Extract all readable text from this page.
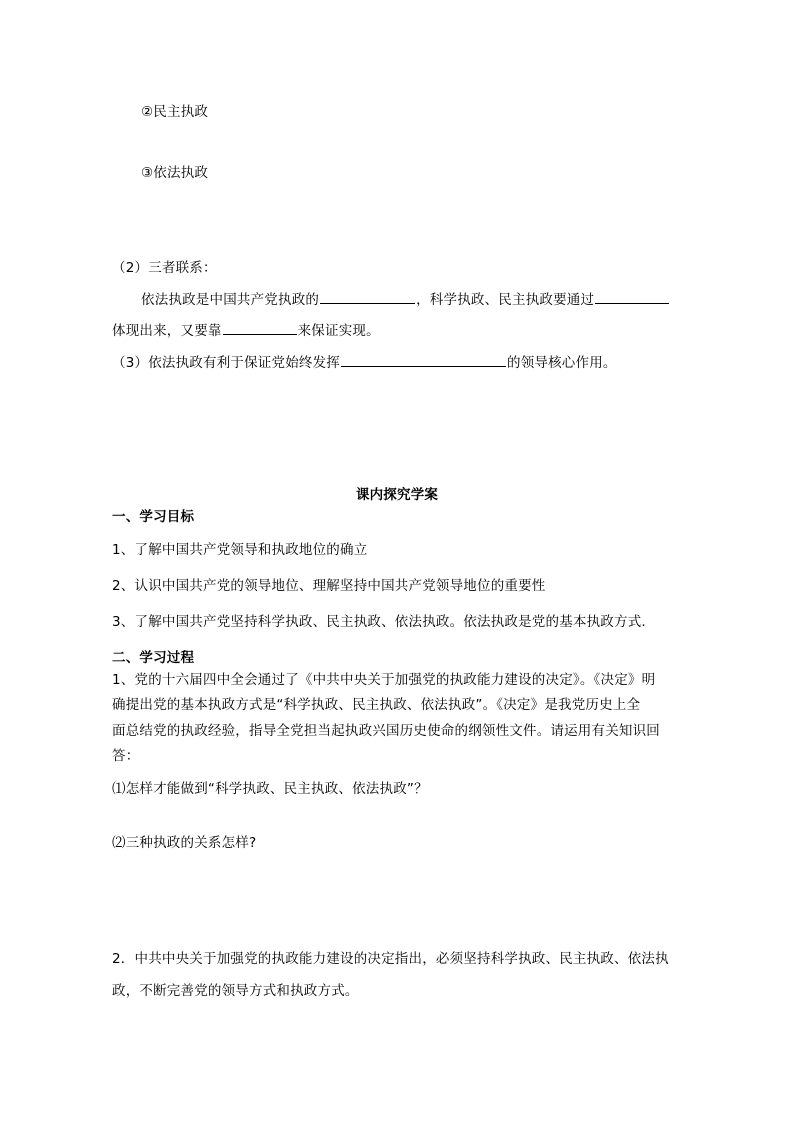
②民主执政
③依法执政
（2）三者联系：
依法执政是中国共产党执政的	，科学执政、民主执政要通过
体现出来，又要靠	来保证实现。
（3）依法执政有利于保证党始终发挥	的领导核心作用。
课内探究学案
一、学习目标
1、了解中国共产党领导和执政地位的确立
2、认识中国共产党的领导地位、理解坚持中国共产党领导地位的重要性
3、了解中国共产党坚持科学执政、民主执政、依法执政。依法执政是党的基本执政方式.
二、学习过程
1、党的十六届四中全会通过了《中共中央关于加强党的执政能力建设的决定》。《决定》明
确提出党的基本执政方式是“科学执政、民主执政、依法执政”。《决定》是我党历史上全
面总结党的执政经验，指导全党担当起执政兴国历史使命的纲领性文件。请运用有关知识回
答：
⑴怎样才能做到“科学执政、民主执政、依法执政”？
⑵三种执政的关系怎样?
2．中共中央关于加强党的执政能力建设的决定指出，必须坚持科学执政、民主执政、依法执
政，不断完善党的领导方式和执政方式。
